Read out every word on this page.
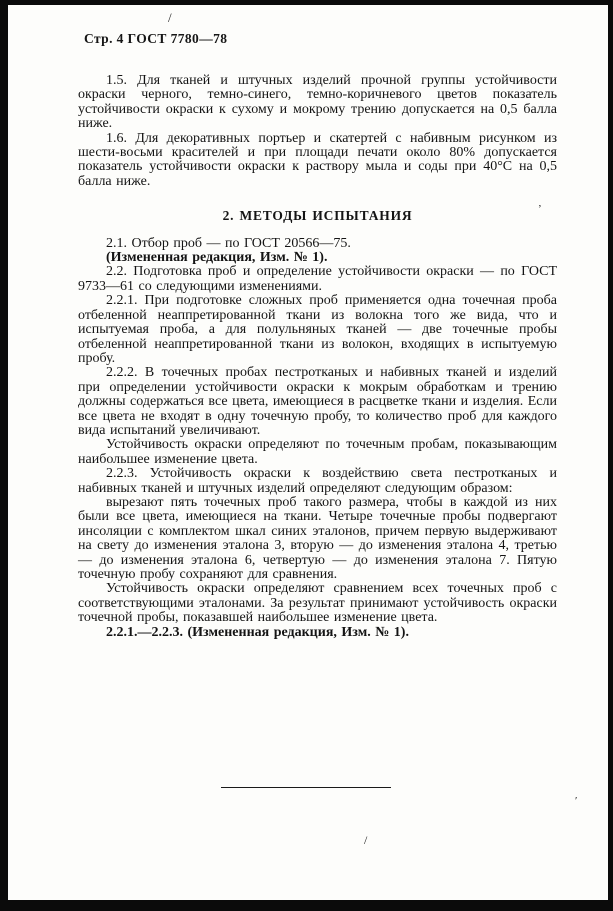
Стр. 4 ГОСТ 7780—78

1.5. Для тканей и штучных изделий прочной группы устойчивости окраски черного, темно-синего, темно-коричневого цветов показатель устойчивости окраски к сухому и мокрому трению допускается на 0,5 балла ниже.

1.6. Для декоративных портьер и скатертей с набивным рисунком из шести-восьми красителей и при площади печати около 80% допускается показатель устойчивости окраски к раствору мыла и соды при 40°С на 0,5 балла ниже.

2. МЕТОДЫ ИСПЫТАНИЯ

2.1. Отбор проб — по ГОСТ 20566—75.

(Измененная редакция, Изм. № 1).

2.2. Подготовка проб и определение устойчивости окраски — по ГОСТ 9733—61 со следующими изменениями.

2.2.1. При подготовке сложных проб применяется одна точечная проба отбеленной неаппретированной ткани из волокна того же вида, что и испытуемая проба, а для полульняных тканей — две точечные пробы отбеленной неаппретированной ткани из волокон, входящих в испытуемую пробу.

2.2.2. В точечных пробах пестротканых и набивных тканей и изделий при определении устойчивости окраски к мокрым обработкам и трению должны содержаться все цвета, имеющиеся в расцветке ткани и изделия. Если все цвета не входят в одну точечную пробу, то количество проб для каждого вида испытаний увеличивают.

Устойчивость окраски определяют по точечным пробам, показывающим наибольшее изменение цвета.

2.2.3. Устойчивость окраски к воздействию света пестротканых и набивных тканей и штучных изделий определяют следующим образом:

вырезают пять точечных проб такого размера, чтобы в каждой из них были все цвета, имеющиеся на ткани. Четыре точечные пробы подвергают инсоляции с комплектом шкал синих эталонов, причем первую выдерживают на свету до изменения эталона 3, вторую — до изменения эталона 4, третью — до изменения эталона 6, четвертую — до изменения эталона 7. Пятую точечную пробу сохраняют для сравнения.

Устойчивость окраски определяют сравнением всех точечных проб с соответствующими эталонами. За результат принимают устойчивость окраски точечной пробы, показавшей наибольшее изменение цвета.

2.2.1.—2.2.3. (Измененная редакция, Изм. № 1).

/
’
ʹ
/
